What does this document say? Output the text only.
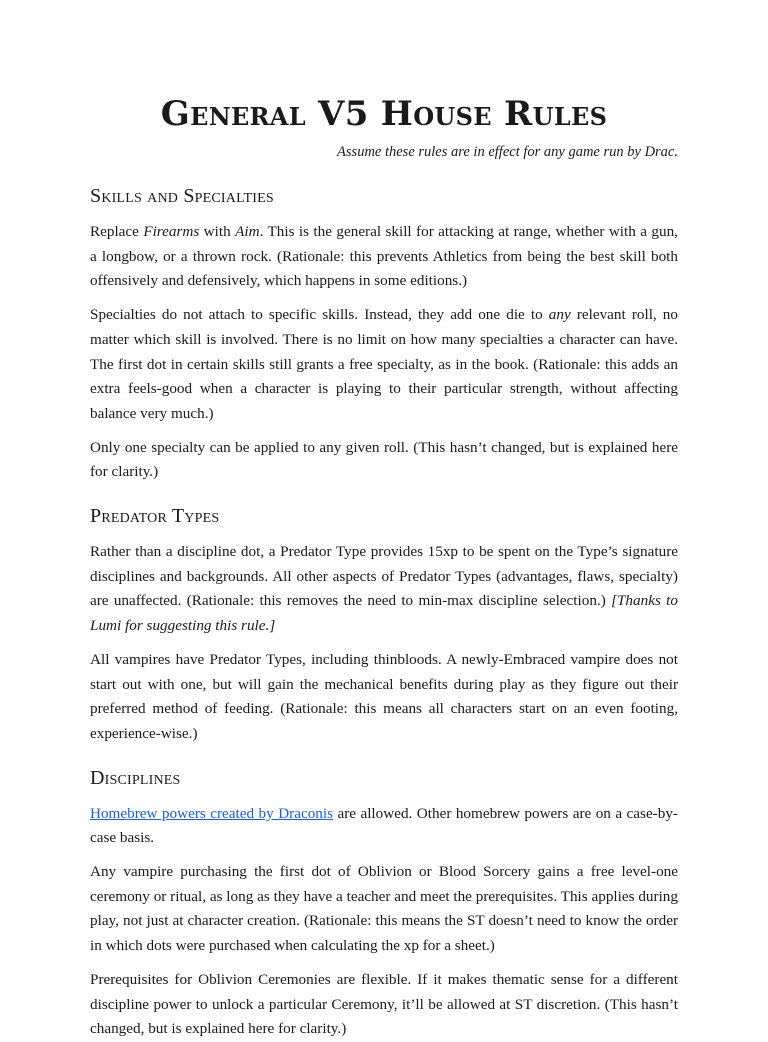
General V5 House Rules
Assume these rules are in effect for any game run by Drac.
Skills and Specialties

Replace Firearms with Aim. This is the general skill for attacking at range, whether with a gun, a longbow, or a thrown rock. (Rationale: this prevents Athletics from being the best skill both offensively and defensively, which happens in some editions.)

Specialties do not attach to specific skills. Instead, they add one die to any relevant roll, no matter which skill is involved. There is no limit on how many specialties a character can have. The first dot in certain skills still grants a free specialty, as in the book. (Rationale: this adds an extra feels-good when a character is playing to their particular strength, without affecting balance very much.)

Only one specialty can be applied to any given roll. (This hasn’t changed, but is explained here for clarity.)

Predator Types

Rather than a discipline dot, a Predator Type provides 15xp to be spent on the Type’s signature disciplines and backgrounds. All other aspects of Predator Types (advantages, flaws, specialty) are unaffected. (Rationale: this removes the need to min-max discipline selection.) [Thanks to Lumi for suggesting this rule.]

All vampires have Predator Types, including thinbloods. A newly-Embraced vampire does not start out with one, but will gain the mechanical benefits during play as they figure out their preferred method of feeding. (Rationale: this means all characters start on an even footing, experience-wise.)

Disciplines

Homebrew powers created by Draconis are allowed. Other homebrew powers are on a case-by-case basis.

Any vampire purchasing the first dot of Oblivion or Blood Sorcery gains a free level-one ceremony or ritual, as long as they have a teacher and meet the prerequisites. This applies during play, not just at character creation. (Rationale: this means the ST doesn’t need to know the order in which dots were purchased when calculating the xp for a sheet.)

Prerequisites for Oblivion Ceremonies are flexible. If it makes thematic sense for a different discipline power to unlock a particular Ceremony, it’ll be allowed at ST discretion. (This hasn’t changed, but is explained here for clarity.)
